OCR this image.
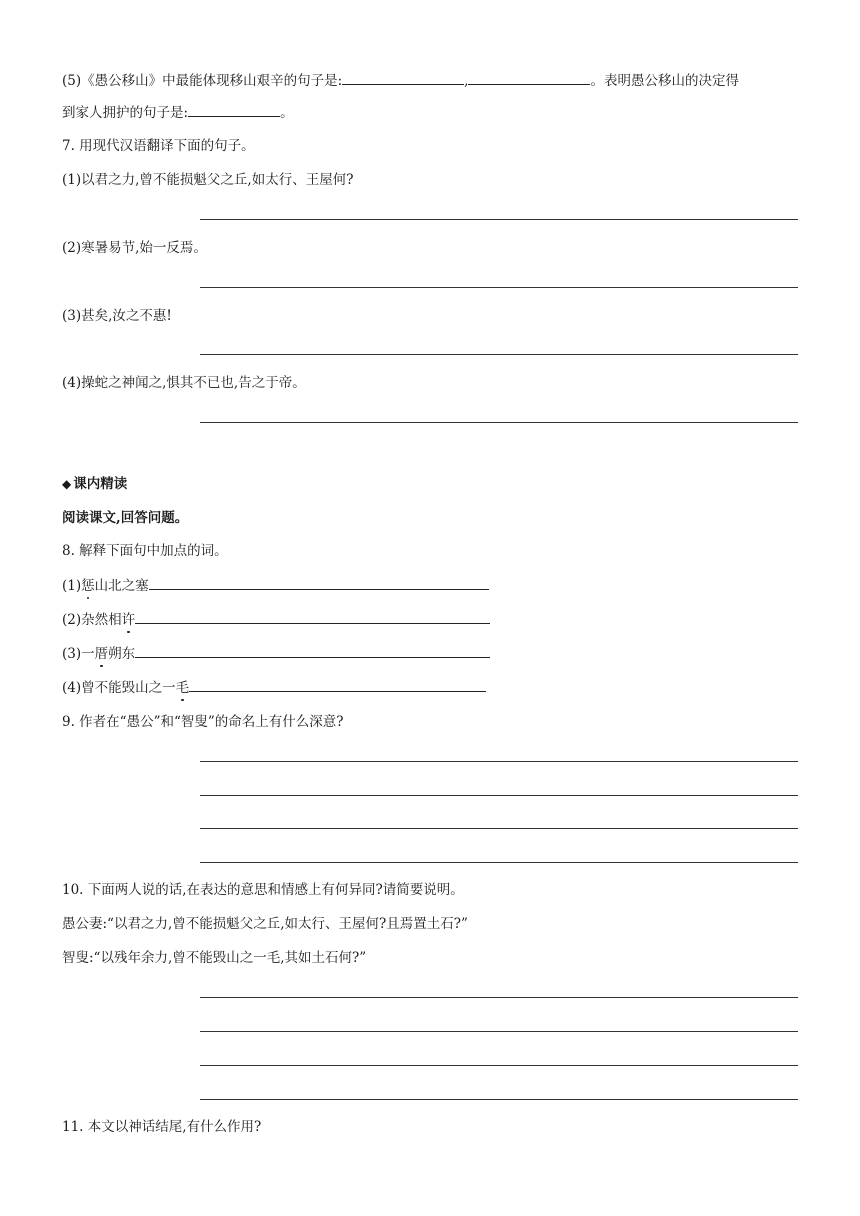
(5)《愚公移山》中最能体现移山艰辛的句子是:	,	。表明愚公移山的决定得
到家人拥护的句子是:	。
7. 用现代汉语翻译下面的句子。
(1)以君之力,曾不能损魁父之丘,如太行、王屋何?
(2)寒暑易节,始一反焉。
(3)甚矣,汝之不惠!
(4)操蛇之神闻之,惧其不已也,告之于帝。
◆ 课内精读
阅读课文,回答问题。
8. 解释下面句中加点的词。
(1)惩山北之塞
(2)杂然相许
(3)一厝朔东
(4)曾不能毁山之一毛
9. 作者在“愚公”和“智叟”的命名上有什么深意?
10. 下面两人说的话,在表达的意思和情感上有何异同?请简要说明。
愚公妻:“以君之力,曾不能损魁父之丘,如太行、王屋何?且焉置土石?”
智叟:“以残年余力,曾不能毁山之一毛,其如土石何?”
11. 本文以神话结尾,有什么作用?
